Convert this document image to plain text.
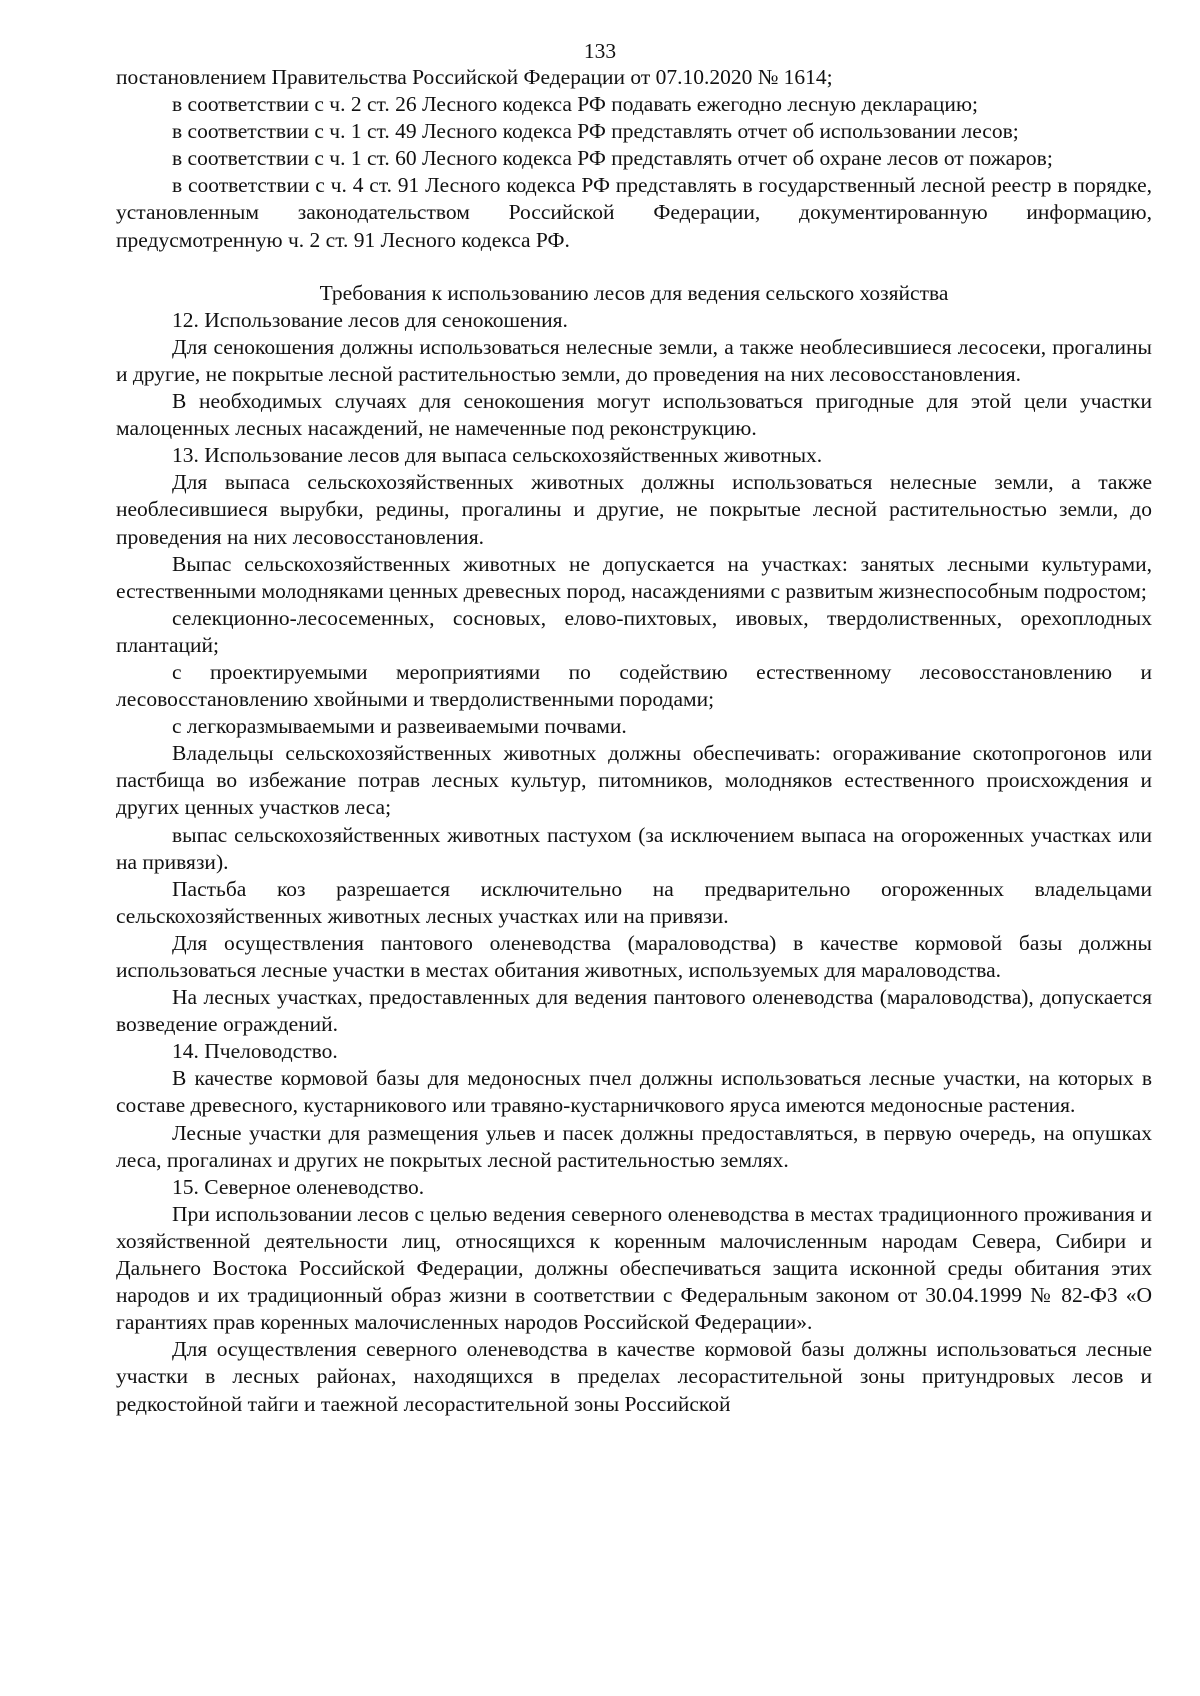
133

постановлением Правительства Российской Федерации от 07.10.2020 № 1614;

в соответствии с ч. 2 ст. 26 Лесного кодекса РФ подавать ежегодно лесную декларацию;

в соответствии с ч. 1 ст. 49 Лесного кодекса РФ представлять отчет об использовании лесов;

в соответствии с ч. 1 ст. 60 Лесного кодекса РФ представлять отчет об охране лесов от пожаров;

в соответствии с ч. 4 ст. 91 Лесного кодекса РФ представлять в государственный лесной реестр в порядке, установленным законодательством Российской Федерации, документированную информацию, предусмотренную ч. 2 ст. 91 Лесного кодекса РФ.

Требования к использованию лесов для ведения сельского хозяйства

12. Использование лесов для сенокошения.

Для сенокошения должны использоваться нелесные земли, а также необлесившиеся лесосеки, прогалины и другие, не покрытые лесной растительностью земли, до проведения на них лесовосстановления.

В необходимых случаях для сенокошения могут использоваться пригодные для этой цели участки малоценных лесных насаждений, не намеченные под реконструкцию.

13. Использование лесов для выпаса сельскохозяйственных животных.

Для выпаса сельскохозяйственных животных должны использоваться нелесные земли, а также необлесившиеся вырубки, редины, прогалины и другие, не покрытые лесной растительностью земли, до проведения на них лесовосстановления.

Выпас сельскохозяйственных животных не допускается на участках: занятых лесными культурами, естественными молодняками ценных древесных пород, насаждениями с развитым жизнеспособным подростом;

селекционно-лесосеменных, сосновых, елово-пихтовых, ивовых, твердолиственных, орехоплодных плантаций;

с проектируемыми мероприятиями по содействию естественному лесовосстановлению и лесовосстановлению хвойными и твердолиственными породами;

с легкоразмываемыми и развеиваемыми почвами.

Владельцы сельскохозяйственных животных должны обеспечивать: огораживание скотопрогонов или пастбища во избежание потрав лесных культур, питомников, молодняков естественного происхождения и других ценных участков леса;

выпас сельскохозяйственных животных пастухом (за исключением выпаса на огороженных участках или на привязи).

Пастьба коз разрешается исключительно на предварительно огороженных владельцами сельскохозяйственных животных лесных участках или на привязи.

Для осуществления пантового оленеводства (мараловодства) в качестве кормовой базы должны использоваться лесные участки в местах обитания животных, используемых для мараловодства.

На лесных участках, предоставленных для ведения пантового оленеводства (мараловодства), допускается возведение ограждений.

14. Пчеловодство.

В качестве кормовой базы для медоносных пчел должны использоваться лесные участки, на которых в составе древесного, кустарникового или травяно-кустарничкового яруса имеются медоносные растения.

Лесные участки для размещения ульев и пасек должны предоставляться, в первую очередь, на опушках леса, прогалинах и других не покрытых лесной растительностью землях.

15. Северное оленеводство.

При использовании лесов с целью ведения северного оленеводства в местах традиционного проживания и хозяйственной деятельности лиц, относящихся к коренным малочисленным народам Севера, Сибири и Дальнего Востока Российской Федерации, должны обеспечиваться защита исконной среды обитания этих народов и их традиционный образ жизни в соответствии с Федеральным законом от 30.04.1999 № 82-ФЗ «О гарантиях прав коренных малочисленных народов Российской Федерации».

Для осуществления северного оленеводства в качестве кормовой базы должны использоваться лесные участки в лесных районах, находящихся в пределах лесорастительной зоны притундровых лесов и редкостойной тайги и таежной лесорастительной зоны Российской
